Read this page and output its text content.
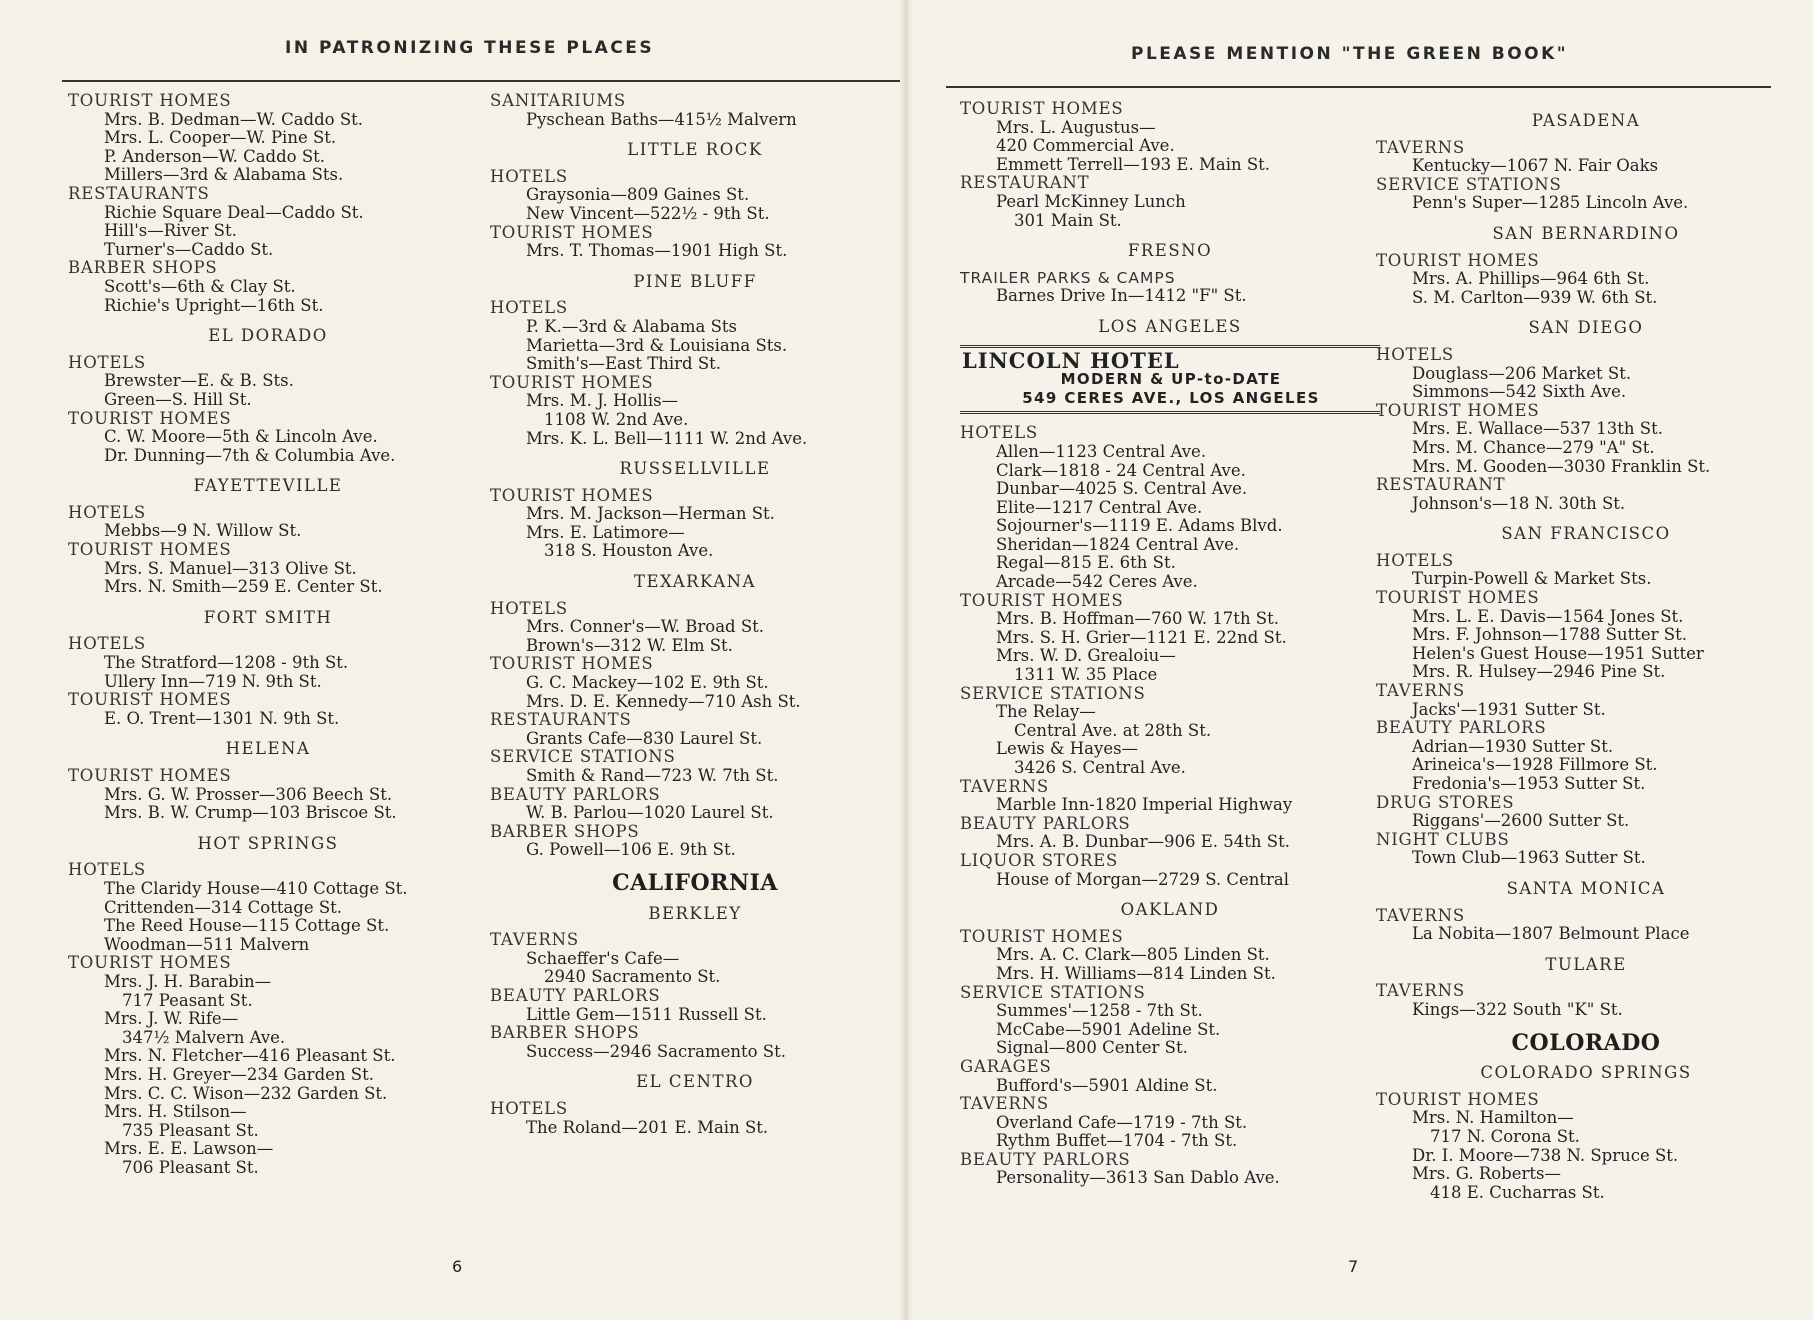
IN PATRONIZING THESE PLACES
TOURIST HOMES
Mrs. B. Dedman—W. Caddo St.
Mrs. L. Cooper—W. Pine St.
P. Anderson—W. Caddo St.
Millers—3rd & Alabama Sts.
RESTAURANTS
Richie Square Deal—Caddo St.
Hill's—River St.
Turner's—Caddo St.
BARBER SHOPS
Scott's—6th & Clay St.
Richie's Upright—16th St.
EL DORADO
HOTELS
Brewster—E. & B. Sts.
Green—S. Hill St.
TOURIST HOMES
C. W. Moore—5th & Lincoln Ave.
Dr. Dunning—7th & Columbia Ave.
FAYETTEVILLE
HOTELS
Mebbs—9 N. Willow St.
TOURIST HOMES
Mrs. S. Manuel—313 Olive St.
Mrs. N. Smith—259 E. Center St.
FORT SMITH
HOTELS
The Stratford—1208 - 9th St.
Ullery Inn—719 N. 9th St.
TOURIST HOMES
E. O. Trent—1301 N. 9th St.
HELENA
TOURIST HOMES
Mrs. G. W. Prosser—306 Beech St.
Mrs. B. W. Crump—103 Briscoe St.
HOT SPRINGS
HOTELS
The Claridy House—410 Cottage St.
Crittenden—314 Cottage St.
The Reed House—115 Cottage St.
Woodman—511 Malvern
TOURIST HOMES
Mrs. J. H. Barabin—
717 Peasant St.
Mrs. J. W. Rife—
347½ Malvern Ave.
Mrs. N. Fletcher—416 Pleasant St.
Mrs. H. Greyer—234 Garden St.
Mrs. C. C. Wison—232 Garden St.
Mrs. H. Stilson—
735 Pleasant St.
Mrs. E. E. Lawson—
706 Pleasant St.
SANITARIUMS
Pyschean Baths—415½ Malvern
LITTLE ROCK
HOTELS
Graysonia—809 Gaines St.
New Vincent—522½ - 9th St.
TOURIST HOMES
Mrs. T. Thomas—1901 High St.
PINE BLUFF
HOTELS
P. K.—3rd & Alabama Sts
Marietta—3rd & Louisiana Sts.
Smith's—East Third St.
TOURIST HOMES
Mrs. M. J. Hollis—
1108 W. 2nd Ave.
Mrs. K. L. Bell—1111 W. 2nd Ave.
RUSSELLVILLE
TOURIST HOMES
Mrs. M. Jackson—Herman St.
Mrs. E. Latimore—
318 S. Houston Ave.
TEXARKANA
HOTELS
Mrs. Conner's—W. Broad St.
Brown's—312 W. Elm St.
TOURIST HOMES
G. C. Mackey—102 E. 9th St.
Mrs. D. E. Kennedy—710 Ash St.
RESTAURANTS
Grants Cafe—830 Laurel St.
SERVICE STATIONS
Smith & Rand—723 W. 7th St.
BEAUTY PARLORS
W. B. Parlou—1020 Laurel St.
BARBER SHOPS
G. Powell—106 E. 9th St.
CALIFORNIA
BERKLEY
TAVERNS
Schaeffer's Cafe—
2940 Sacramento St.
BEAUTY PARLORS
Little Gem—1511 Russell St.
BARBER SHOPS
Success—2946 Sacramento St.
EL CENTRO
HOTELS
The Roland—201 E. Main St.
6
PLEASE MENTION "THE GREEN BOOK"
TOURIST HOMES
Mrs. L. Augustus—
420 Commercial Ave.
Emmett Terrell—193 E. Main St.
RESTAURANT
Pearl McKinney Lunch
301 Main St.
FRESNO
TRAILER PARKS & CAMPS
Barnes Drive In—1412 "F" St.
LOS ANGELES
LINCOLN HOTEL
MODERN & UP-to-DATE
549 CERES AVE., LOS ANGELES
HOTELS
Allen—1123 Central Ave.
Clark—1818 - 24 Central Ave.
Dunbar—4025 S. Central Ave.
Elite—1217 Central Ave.
Sojourner's—1119 E. Adams Blvd.
Sheridan—1824 Central Ave.
Regal—815 E. 6th St.
Arcade—542 Ceres Ave.
TOURIST HOMES
Mrs. B. Hoffman—760 W. 17th St.
Mrs. S. H. Grier—1121 E. 22nd St.
Mrs. W. D. Grealoiu—
1311 W. 35 Place
SERVICE STATIONS
The Relay—
Central Ave. at 28th St.
Lewis & Hayes—
3426 S. Central Ave.
TAVERNS
Marble Inn-1820 Imperial Highway
BEAUTY PARLORS
Mrs. A. B. Dunbar—906 E. 54th St.
LIQUOR STORES
House of Morgan—2729 S. Central
OAKLAND
TOURIST HOMES
Mrs. A. C. Clark—805 Linden St.
Mrs. H. Williams—814 Linden St.
SERVICE STATIONS
Summes'—1258 - 7th St.
McCabe—5901 Adeline St.
Signal—800 Center St.
GARAGES
Bufford's—5901 Aldine St.
TAVERNS
Overland Cafe—1719 - 7th St.
Rythm Buffet—1704 - 7th St.
BEAUTY PARLORS
Personality—3613 San Dablo Ave.
PASADENA
TAVERNS
Kentucky—1067 N. Fair Oaks
SERVICE STATIONS
Penn's Super—1285 Lincoln Ave.
SAN BERNARDINO
TOURIST HOMES
Mrs. A. Phillips—964 6th St.
S. M. Carlton—939 W. 6th St.
SAN DIEGO
HOTELS
Douglass—206 Market St.
Simmons—542 Sixth Ave.
TOURIST HOMES
Mrs. E. Wallace—537 13th St.
Mrs. M. Chance—279 "A" St.
Mrs. M. Gooden—3030 Franklin St.
RESTAURANT
Johnson's—18 N. 30th St.
SAN FRANCISCO
HOTELS
Turpin-Powell & Market Sts.
TOURIST HOMES
Mrs. L. E. Davis—1564 Jones St.
Mrs. F. Johnson—1788 Sutter St.
Helen's Guest House—1951 Sutter
Mrs. R. Hulsey—2946 Pine St.
TAVERNS
Jacks'—1931 Sutter St.
BEAUTY PARLORS
Adrian—1930 Sutter St.
Arineica's—1928 Fillmore St.
Fredonia's—1953 Sutter St.
DRUG STORES
Riggans'—2600 Sutter St.
NIGHT CLUBS
Town Club—1963 Sutter St.
SANTA MONICA
TAVERNS
La Nobita—1807 Belmount Place
TULARE
TAVERNS
Kings—322 South "K" St.
COLORADO
COLORADO SPRINGS
TOURIST HOMES
Mrs. N. Hamilton—
717 N. Corona St.
Dr. I. Moore—738 N. Spruce St.
Mrs. G. Roberts—
418 E. Cucharras St.
7
